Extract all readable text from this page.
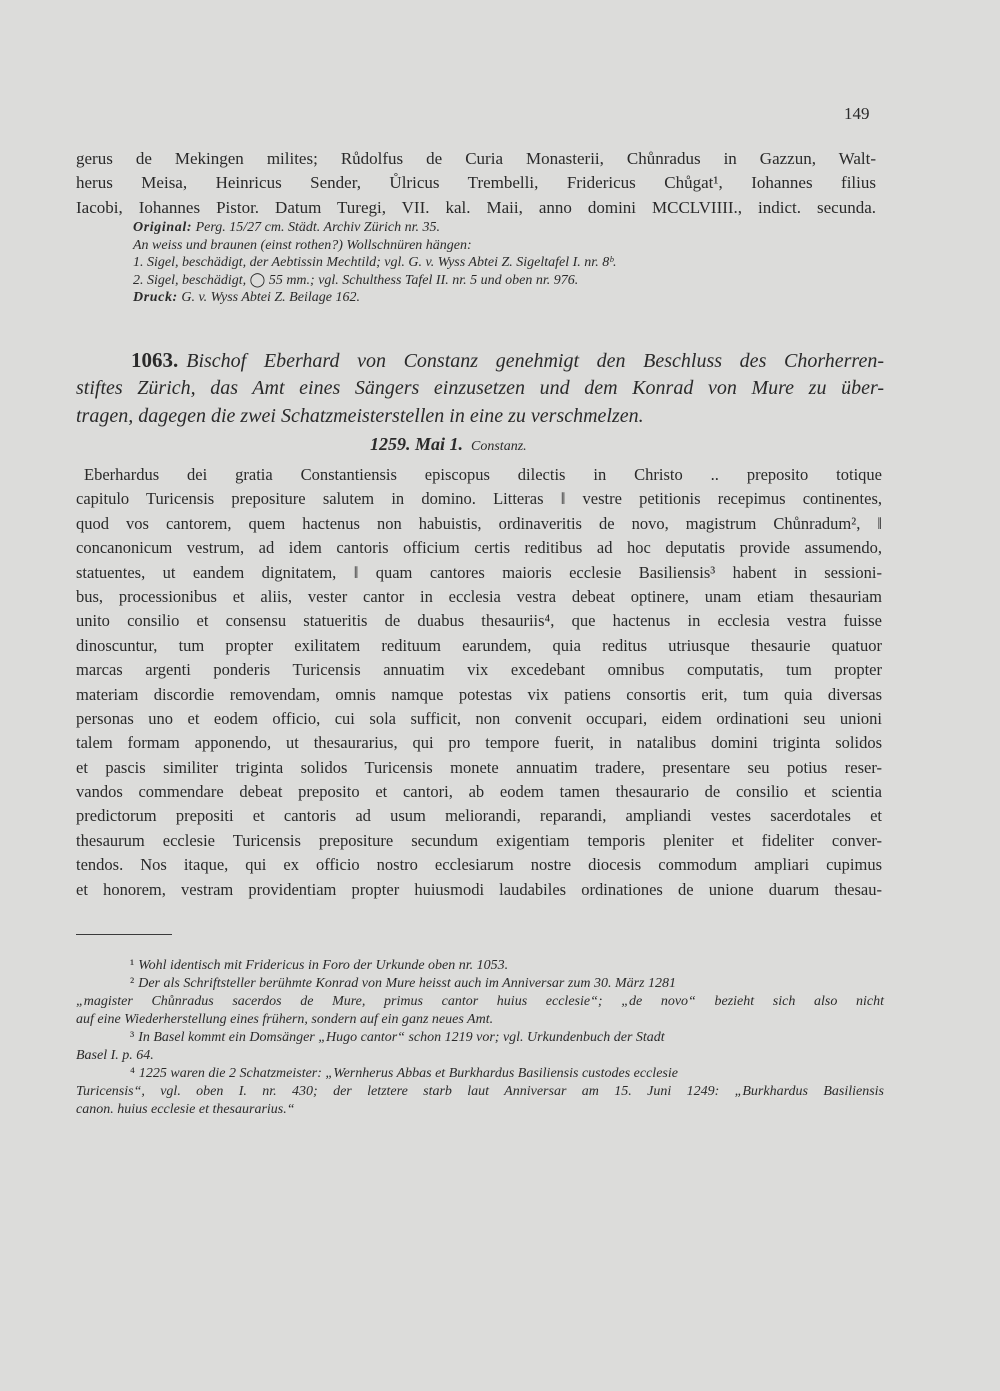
149
gerus de Mekingen milites; Růdolfus de Curia Monasterii, Chůnradus in Gazzun, Walt-
herus Meisa, Heinricus Sender, Ůlricus Trembelli, Fridericus Chůgat¹, Iohannes filius
Iacobi, Iohannes Pistor. Datum Turegi, VII. kal. Maii, anno domini MCCLVIIII., indict. secunda.
Original: Perg. 15/27 cm. Städt. Archiv Zürich nr. 35.
An weiss und braunen (einst rothen?) Wollschnüren hängen:
1. Sigel, beschädigt, der Aebtissin Mechtild; vgl. G. v. Wyss Abtei Z. Sigeltafel I. nr. 8ᵇ.
2. Sigel, beschädigt, ◯ 55 mm.; vgl. Schulthess Tafel II. nr. 5 und oben nr. 976.
Druck: G. v. Wyss Abtei Z. Beilage 162.
1063. Bischof Eberhard von Constanz genehmigt den Beschluss des Chorherren-
stiftes Zürich, das Amt eines Sängers einzusetzen und dem Konrad von Mure zu über-
tragen, dagegen die zwei Schatzmeisterstellen in eine zu verschmelzen.
1259. Mai 1. Constanz.
Eberhardus dei gratia Constantiensis episcopus dilectis in Christo .. preposito totique
capitulo Turicensis prepositure salutem in domino. Litteras ‖ vestre petitionis recepimus continentes,
quod vos cantorem, quem hactenus non habuistis, ordinaveritis de novo, magistrum Chůnradum², ‖
concanonicum vestrum, ad idem cantoris officium certis reditibus ad hoc deputatis provide assumendo,
statuentes, ut eandem dignitatem, ‖ quam cantores maioris ecclesie Basiliensis³ habent in sessioni-
bus, processionibus et aliis, vester cantor in ecclesia vestra debeat optinere, unam etiam thesauriam
unito consilio et consensu statueritis de duabus thesauriis⁴, que hactenus in ecclesia vestra fuisse
dinoscuntur, tum propter exilitatem redituum earundem, quia reditus utriusque thesaurie quatuor
marcas argenti ponderis Turicensis annuatim vix excedebant omnibus computatis, tum propter
materiam discordie removendam, omnis namque potestas vix patiens consortis erit, tum quia diversas
personas uno et eodem officio, cui sola sufficit, non convenit occupari, eidem ordinationi seu unioni
talem formam apponendo, ut thesaurarius, qui pro tempore fuerit, in natalibus domini triginta solidos
et pascis similiter triginta solidos Turicensis monete annuatim tradere, presentare seu potius reser-
vandos commendare debeat preposito et cantori, ab eodem tamen thesaurario de consilio et scientia
predictorum prepositi et cantoris ad usum meliorandi, reparandi, ampliandi vestes sacerdotales et
thesaurum ecclesie Turicensis prepositure secundum exigentiam temporis pleniter et fideliter conver-
tendos. Nos itaque, qui ex officio nostro ecclesiarum nostre diocesis commodum ampliari cupimus
et honorem, vestram providentiam propter huiusmodi laudabiles ordinationes de unione duarum thesau-
¹ Wohl identisch mit Fridericus in Foro der Urkunde oben nr. 1053.
² Der als Schriftsteller berühmte Konrad von Mure heisst auch im Anniversar zum 30. März 1281
„magister Chůnradus sacerdos de Mure, primus cantor huius ecclesie“; „de novo“ bezieht sich also nicht
auf eine Wiederherstellung eines frühern, sondern auf ein ganz neues Amt.
³ In Basel kommt ein Domsänger „Hugo cantor“ schon 1219 vor; vgl. Urkundenbuch der Stadt
Basel I. p. 64.
⁴ 1225 waren die 2 Schatzmeister: „Wernherus Abbas et Burkhardus Basiliensis custodes ecclesie
Turicensis“, vgl. oben I. nr. 430; der letztere starb laut Anniversar am 15. Juni 1249: „Burkhardus Basiliensis
canon. huius ecclesie et thesaurarius.“
